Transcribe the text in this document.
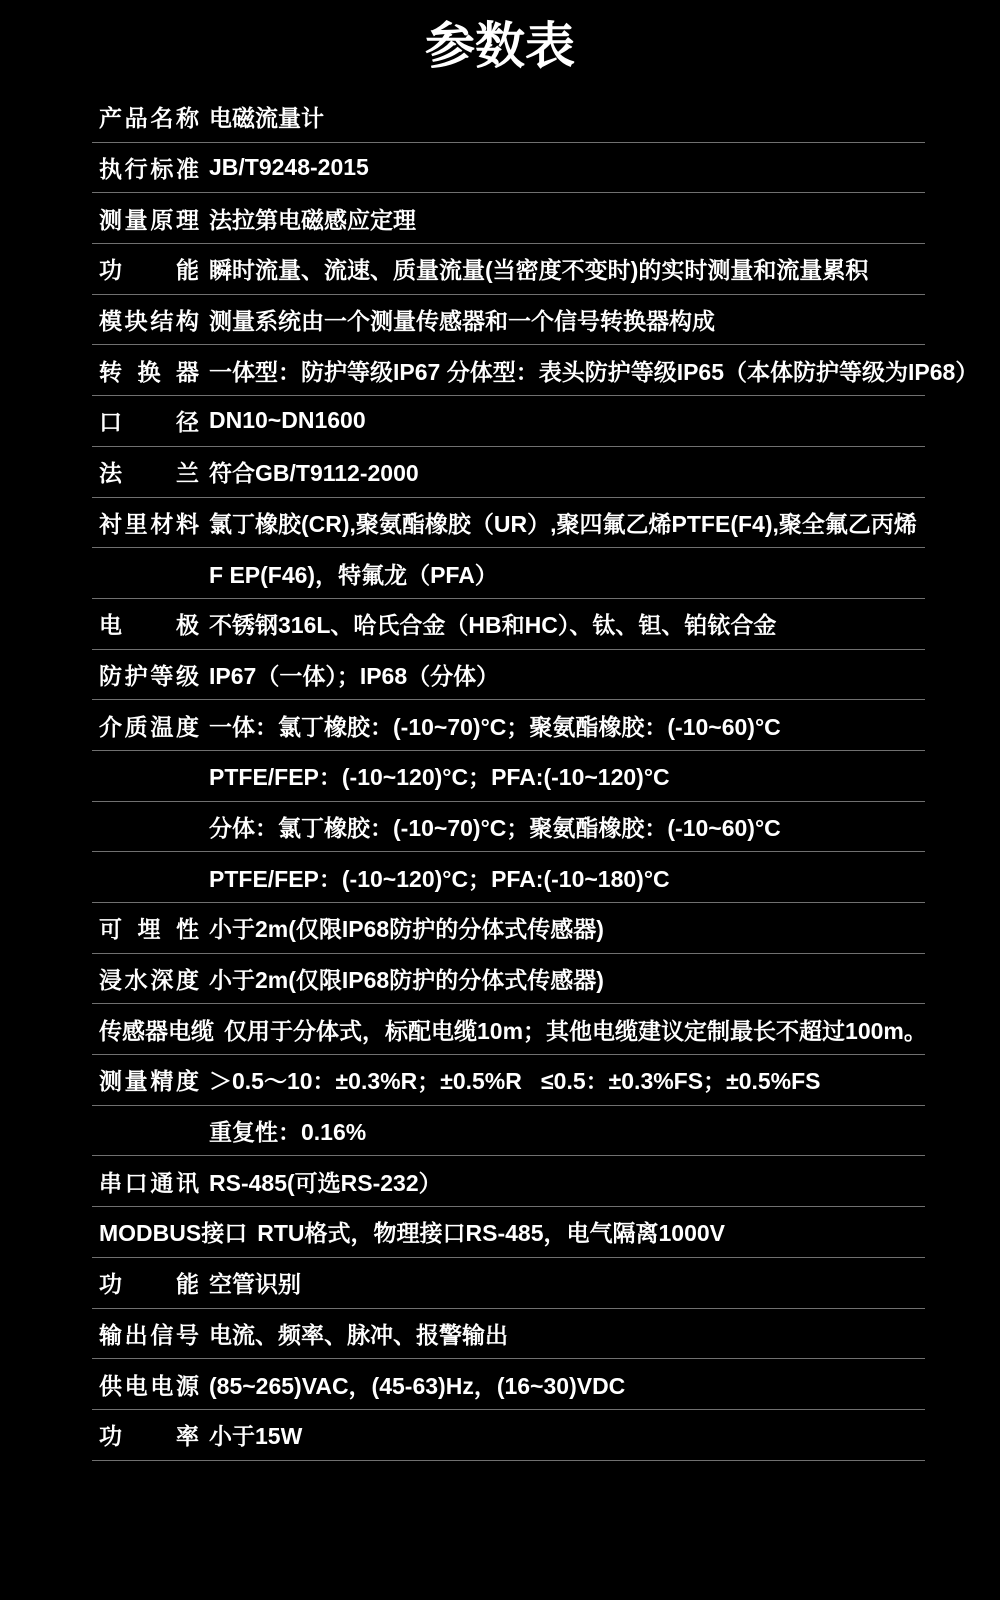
参数表
产品名称 电磁流量计
执行标准 JB/T9248-2015
测量原理 法拉第电磁感应定理
功 能 瞬时流量、流速、质量流量(当密度不变时)的实时测量和流量累积
模块结构 测量系统由一个测量传感器和一个信号转换器构成
转 换 器 一体型：防护等级IP67 分体型：表头防护等级IP65（本体防护等级为IP68）
口 径 DN10~DN1600
法 兰 符合GB/T9112-2000
衬里材料 氯丁橡胶(CR),聚氨酯橡胶（UR）,聚四氟乙烯PTFE(F4),聚全氟乙丙烯
F EP(F46)，特氟龙（PFA）
电 极 不锈钢316L、哈氏合金（HB和HC）、钛、钽、铂铱合金
防护等级 IP67（一体）；IP68（分体）
介质温度 一体：氯丁橡胶：(-10~70)°C；聚氨酯橡胶：(-10~60)°C
PTFE/FEP：(-10~120)°C；PFA:(-10~120)°C
分体：氯丁橡胶：(-10~70)°C；聚氨酯橡胶：(-10~60)°C
PTFE/FEP：(-10~120)°C；PFA:(-10~180)°C
可 埋 性 小于2m(仅限IP68防护的分体式传感器)
浸水深度 小于2m(仅限IP68防护的分体式传感器)
传感器电缆 仅用于分体式，标配电缆10m；其他电缆建议定制最长不超过100m。
测量精度 ＞0.5～10：±0.3%R；±0.5%R   ≤0.5：±0.3%FS；±0.5%FS
重复性：0.16%
串口通讯 RS-485(可选RS-232）
MODBUS接口 RTU格式，物理接口RS-485，电气隔离1000V
功 能 空管识别
输出信号 电流、频率、脉冲、报警输出
供电电源 (85~265)VAC，(45-63)Hz，(16~30)VDC
功 率 小于15W
